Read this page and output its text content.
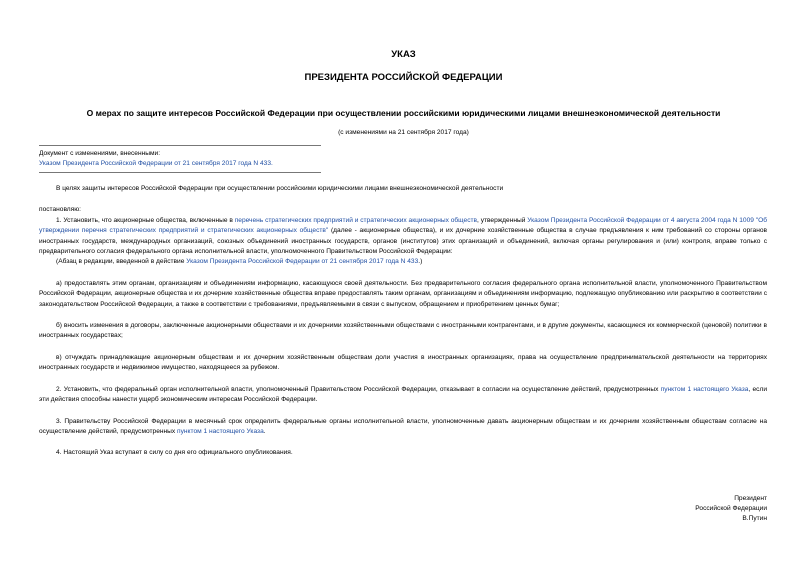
УКАЗ
ПРЕЗИДЕНТА РОССИЙСКОЙ ФЕДЕРАЦИИ
О мерах по защите интересов Российской Федерации при осуществлении российскими юридическими лицами внешнеэкономической деятельности
(с изменениями на 21 сентября 2017 года)
Документ с изменениями, внесенными:
Указом Президента Российской Федерации от 21 сентября 2017 года N 433.

В целях защиты интересов Российской Федерации при осуществлении российскими юридическими лицами внешнеэкономической деятельности

постановляю:

1. Установить, что акционерные общества, включенные в перечень стратегических предприятий и стратегических акционерных обществ, утвержденный Указом Президента Российской Федерации от 4 августа 2004 года N 1009 "Об утверждении перечня стратегических предприятий и стратегических акционерных обществ" (далее - акционерные общества), и их дочерние хозяйственные общества в случае предъявления к ним требований со стороны органов иностранных государств, международных организаций, союзных объединений иностранных государств, органов (институтов) этих организаций и объединений, включая органы регулирования и (или) контроля, вправе только с предварительного согласия федерального органа исполнительной власти, уполномоченного Правительством Российской Федерации:

(Абзац в редакции, введенной в действие Указом Президента Российской Федерации от 21 сентября 2017 года N 433.)

а) предоставлять этим органам, организациям и объединениям информацию, касающуюся своей деятельности. Без предварительного согласия федерального органа исполнительной власти, уполномоченного Правительством Российской Федерации, акционерные общества и их дочерние хозяйственные общества вправе предоставлять таким органам, организациям и объединениям информацию, подлежащую опубликованию или раскрытию в соответствии с законодательством Российской Федерации, а также в соответствии с требованиями, предъявляемыми в связи с выпуском, обращением и приобретением ценных бумаг;

б) вносить изменения в договоры, заключенные акционерными обществами и их дочерними хозяйственными обществами с иностранными контрагентами, и в другие документы, касающиеся их коммерческой (ценовой) политики в иностранных государствах;

в) отчуждать принадлежащие акционерным обществам и их дочерним хозяйственным обществам доли участия в иностранных организациях, права на осуществление предпринимательской деятельности на территориях иностранных государств и недвижимое имущество, находящееся за рубежом.

2. Установить, что федеральный орган исполнительной власти, уполномоченный Правительством Российской Федерации, отказывает в согласии на осуществление действий, предусмотренных пунктом 1 настоящего Указа, если эти действия способны нанести ущерб экономическим интересам Российской Федерации.

3. Правительству Российской Федерации в месячный срок определить федеральные органы исполнительной власти, уполномоченные давать акционерным обществам и их дочерним хозяйственным обществам согласие на осуществление действий, предусмотренных пунктом 1 настоящего Указа.

4. Настоящий Указ вступает в силу со дня его официального опубликования.

Президент
Российской Федерации
В.Путин
